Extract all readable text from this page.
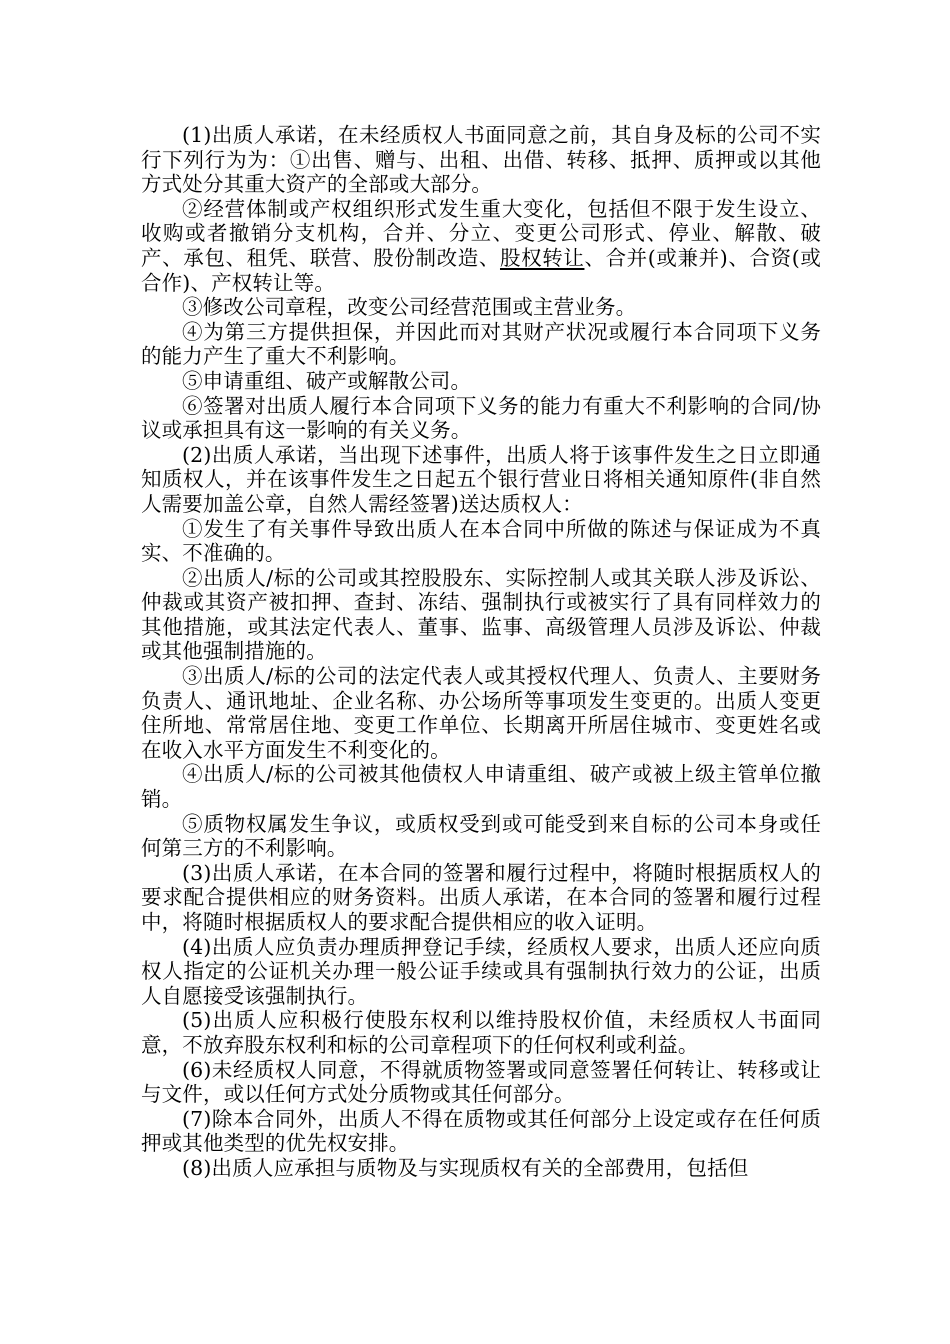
(1)出质人承诺，在未经质权人书面同意之前，其自身及标的公司不实行下列行为为：①出售、赠与、出租、出借、转移、抵押、质押或以其他方式处分其重大资产的全部或大部分。

②经营体制或产权组织形式发生重大变化，包括但不限于发生设立、收购或者撤销分支机构，合并、分立、变更公司形式、停业、解散、破产、承包、租凭、联营、股份制改造、股权转让、合并(或兼并)、合资(或合作)、产权转让等。

③修改公司章程，改变公司经营范围或主营业务。

④为第三方提供担保，并因此而对其财产状况或履行本合同项下义务的能力产生了重大不利影响。

⑤申请重组、破产或解散公司。

⑥签署对出质人履行本合同项下义务的能力有重大不利影响的合同/协议或承担具有这一影响的有关义务。

(2)出质人承诺，当出现下述事件，出质人将于该事件发生之日立即通知质权人，并在该事件发生之日起五个银行营业日将相关通知原件(非自然人需要加盖公章，自然人需经签署)送达质权人：

①发生了有关事件导致出质人在本合同中所做的陈述与保证成为不真实、不准确的。

②出质人/标的公司或其控股股东、实际控制人或其关联人涉及诉讼、仲裁或其资产被扣押、查封、冻结、强制执行或被实行了具有同样效力的其他措施，或其法定代表人、董事、监事、高级管理人员涉及诉讼、仲裁或其他强制措施的。

③出质人/标的公司的法定代表人或其授权代理人、负责人、主要财务负责人、通讯地址、企业名称、办公场所等事项发生变更的。出质人变更住所地、常常居住地、变更工作单位、长期离开所居住城市、变更姓名或在收入水平方面发生不利变化的。

④出质人/标的公司被其他债权人申请重组、破产或被上级主管单位撤销。

⑤质物权属发生争议，或质权受到或可能受到来自标的公司本身或任何第三方的不利影响。

(3)出质人承诺，在本合同的签署和履行过程中，将随时根据质权人的要求配合提供相应的财务资料。出质人承诺，在本合同的签署和履行过程中，将随时根据质权人的要求配合提供相应的收入证明。

(4)出质人应负责办理质押登记手续，经质权人要求，出质人还应向质权人指定的公证机关办理一般公证手续或具有强制执行效力的公证，出质人自愿接受该强制执行。

(5)出质人应积极行使股东权利以维持股权价值，未经质权人书面同意，不放弃股东权利和标的公司章程项下的任何权利或利益。

(6)未经质权人同意，不得就质物签署或同意签署任何转让、转移或让与文件，或以任何方式处分质物或其任何部分。

(7)除本合同外，出质人不得在质物或其任何部分上设定或存在任何质押或其他类型的优先权安排。

(8)出质人应承担与质物及与实现质权有关的全部费用，包括但
